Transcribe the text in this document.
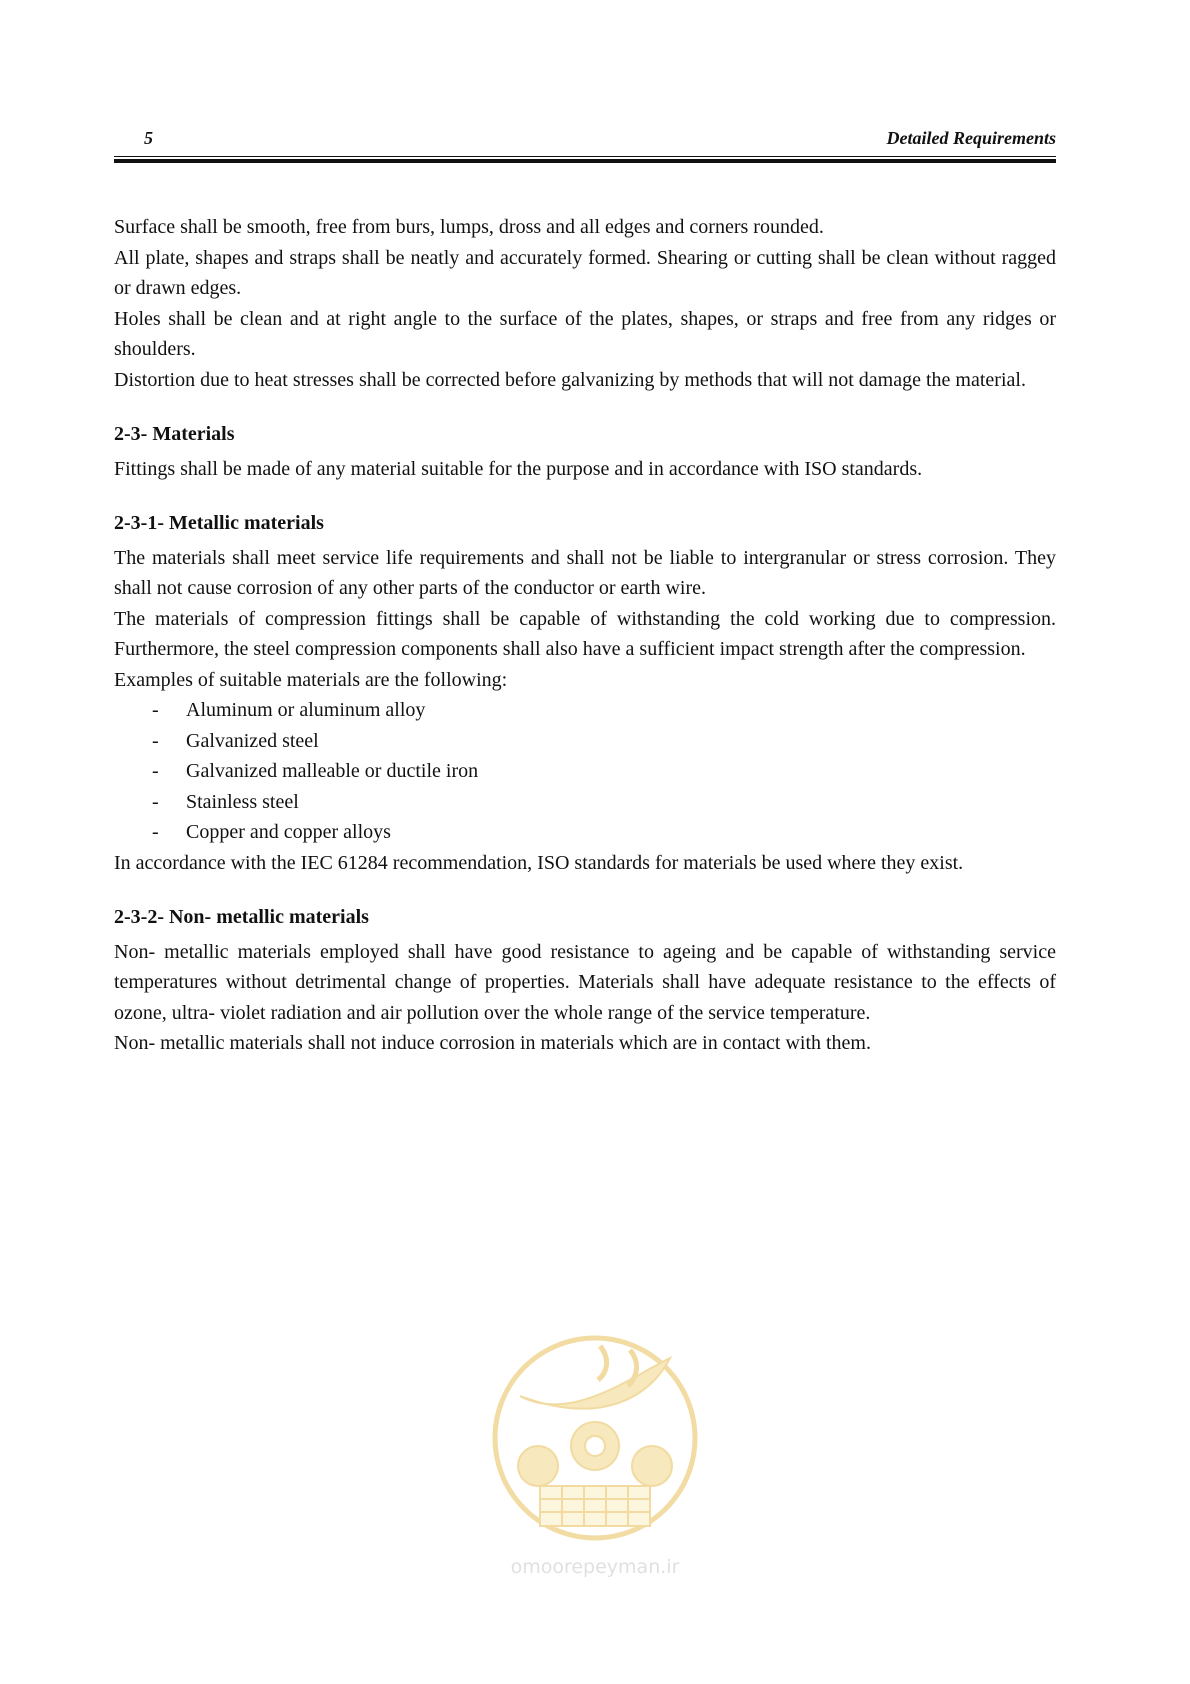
5	Detailed Requirements

Surface shall be smooth, free from burs, lumps, dross and all edges and corners rounded.

All plate, shapes and straps shall be neatly and accurately formed. Shearing or cutting shall be clean without ragged or drawn edges.

Holes shall be clean and at right angle to the surface of the plates, shapes, or straps and free from any ridges or shoulders.

Distortion due to heat stresses shall be corrected before galvanizing by methods that will not damage the material.

2-3- Materials

Fittings shall be made of any material suitable for the purpose and in accordance with ISO standards.

2-3-1- Metallic materials

The materials shall meet service life requirements and shall not be liable to intergranular or stress corrosion. They shall not cause corrosion of any other parts of the conductor or earth wire.

The materials of compression fittings shall be capable of withstanding the cold working due to compression. Furthermore, the steel compression components shall also have a sufficient impact strength after the compression.

Examples of suitable materials are the following:

- Aluminum or aluminum alloy
- Galvanized steel
- Galvanized malleable or ductile iron
- Stainless steel
- Copper and copper alloys

In accordance with the IEC 61284 recommendation, ISO standards for materials be used where they exist.

2-3-2- Non- metallic materials

Non- metallic materials employed shall have good resistance to ageing and be capable of withstanding service temperatures without detrimental change of properties. Materials shall have adequate resistance to the effects of ozone, ultra- violet radiation and air pollution over the whole range of the service temperature.

Non- metallic materials shall not induce corrosion in materials which are in contact with them.

omoorepeyman.ir
